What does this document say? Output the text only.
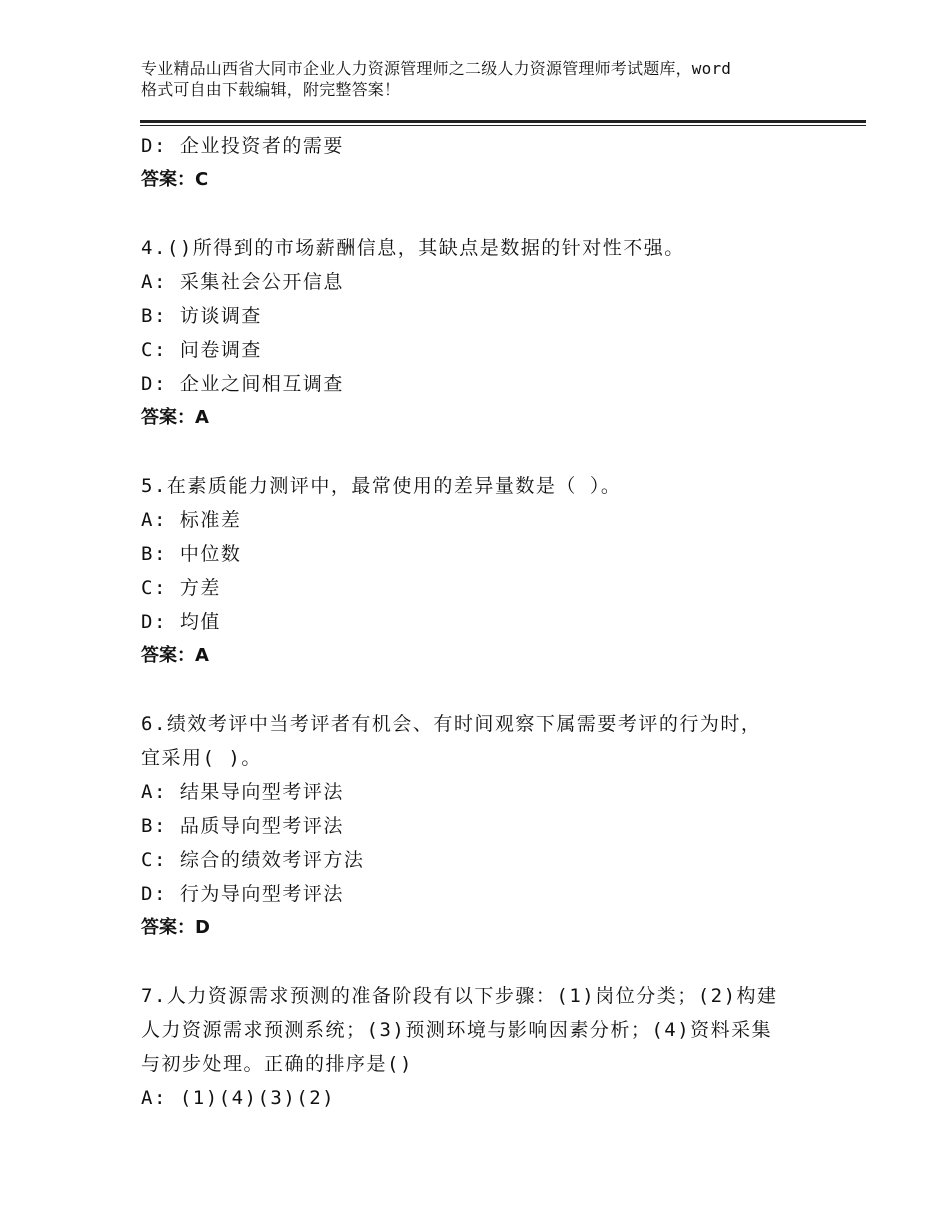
专业精品山西省大同市企业人力资源管理师之二级人力资源管理师考试题库，word
格式可自由下载编辑，附完整答案！
D: 企业投资者的需要
答案：C
4.()所得到的市场薪酬信息，其缺点是数据的针对性不强。
A: 采集社会公开信息
B: 访谈调查
C: 问卷调查
D: 企业之间相互调查
答案：A
5.在素质能力测评中，最常使用的差异量数是（ ）。
A: 标准差
B: 中位数
C: 方差
D: 均值
答案：A
6.绩效考评中当考评者有机会、有时间观察下属需要考评的行为时，
宜采用( )。
A: 结果导向型考评法
B: 品质导向型考评法
C: 综合的绩效考评方法
D: 行为导向型考评法
答案：D
7.人力资源需求预测的准备阶段有以下步骤：(1)岗位分类；(2)构建
人力资源需求预测系统；(3)预测环境与影响因素分析；(4)资料采集
与初步处理。正确的排序是()
A: (1)(4)(3)(2)
